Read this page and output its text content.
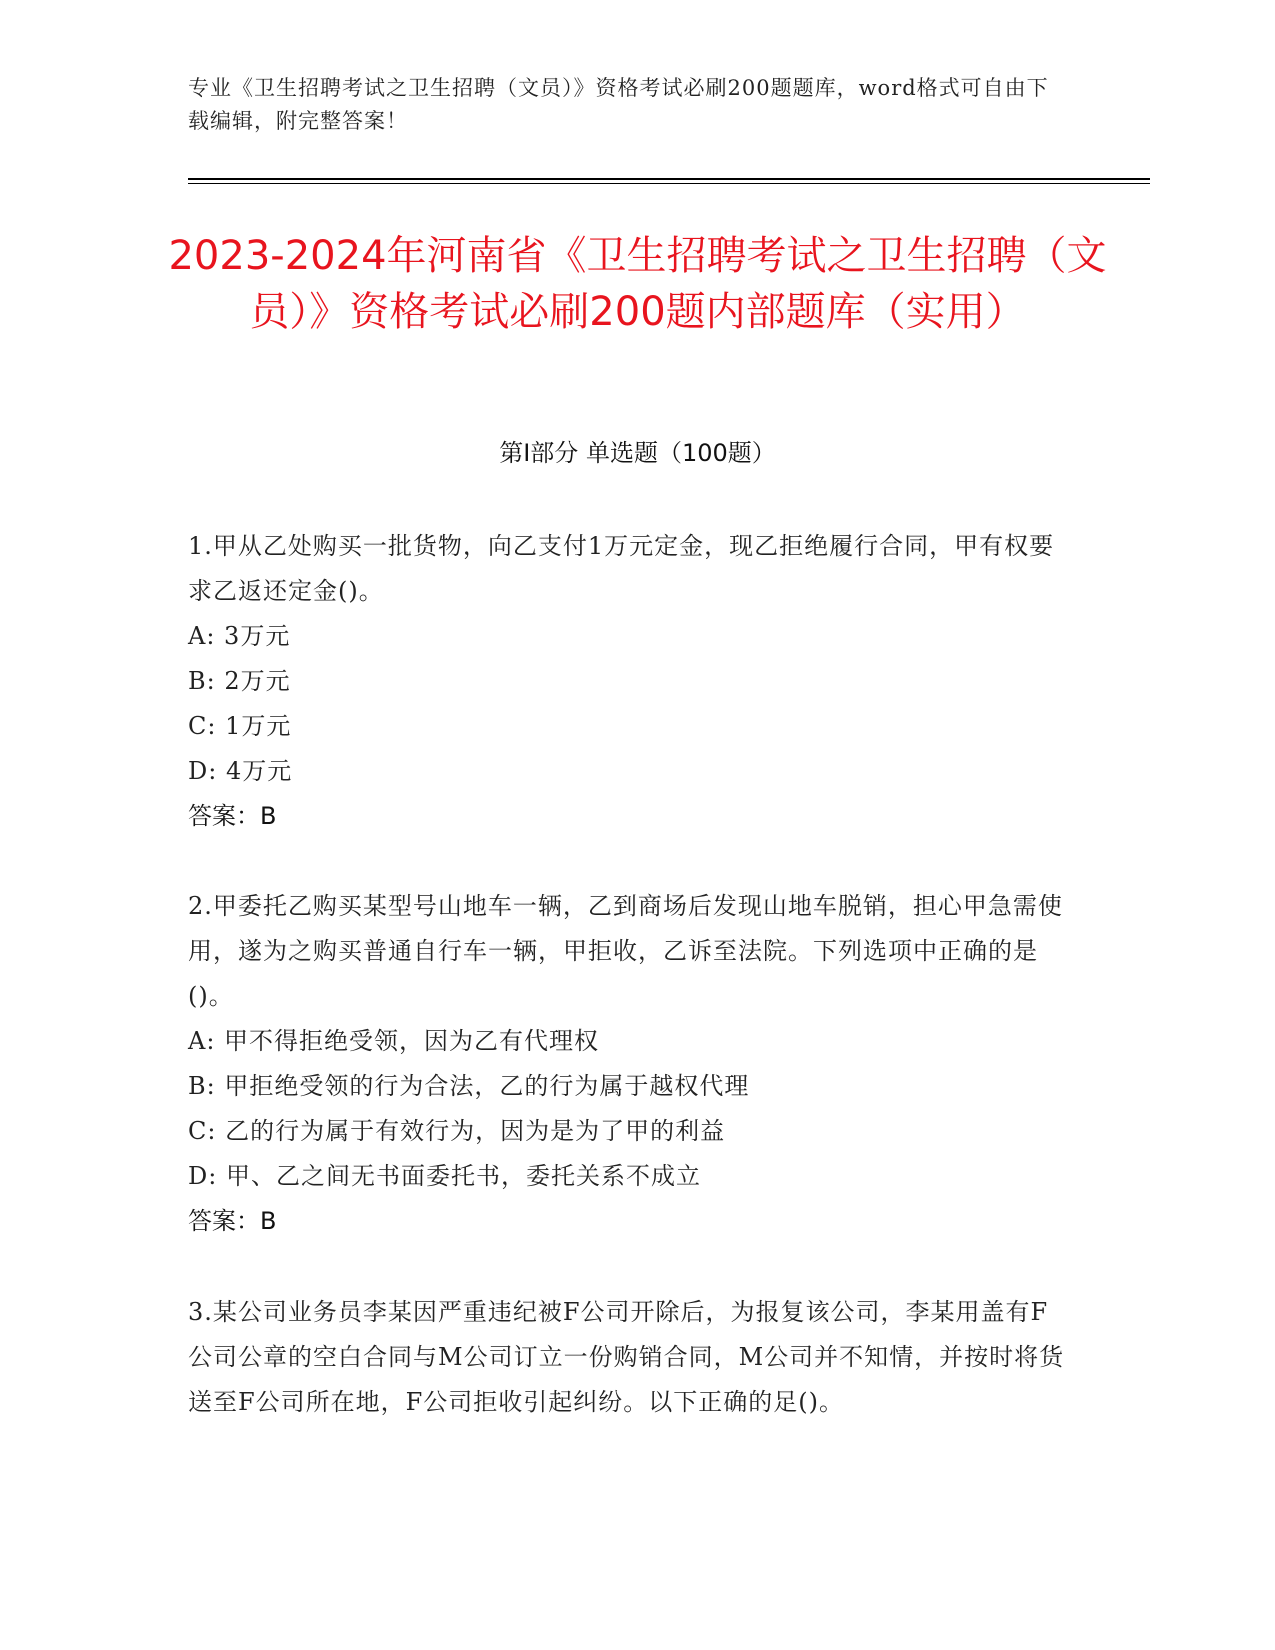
专业《卫生招聘考试之卫生招聘（文员）》资格考试必刷200题题库，word格式可自由下载编辑，附完整答案！
2023-2024年河南省《卫生招聘考试之卫生招聘（文员）》资格考试必刷200题内部题库（实用）
第I部分 单选题（100题）
1.甲从乙处购买一批货物，向乙支付1万元定金，现乙拒绝履行合同，甲有权要求乙返还定金()。
A: 3万元
B: 2万元
C: 1万元
D: 4万元
答案：B
2.甲委托乙购买某型号山地车一辆，乙到商场后发现山地车脱销，担心甲急需使用，遂为之购买普通自行车一辆，甲拒收，乙诉至法院。下列选项中正确的是()。
A: 甲不得拒绝受领，因为乙有代理权
B: 甲拒绝受领的行为合法，乙的行为属于越权代理
C: 乙的行为属于有效行为，因为是为了甲的利益
D: 甲、乙之间无书面委托书，委托关系不成立
答案：B
3.某公司业务员李某因严重违纪被F公司开除后，为报复该公司，李某用盖有F公司公章的空白合同与M公司订立一份购销合同，M公司并不知情，并按时将货送至F公司所在地，F公司拒收引起纠纷。以下正确的足()。
